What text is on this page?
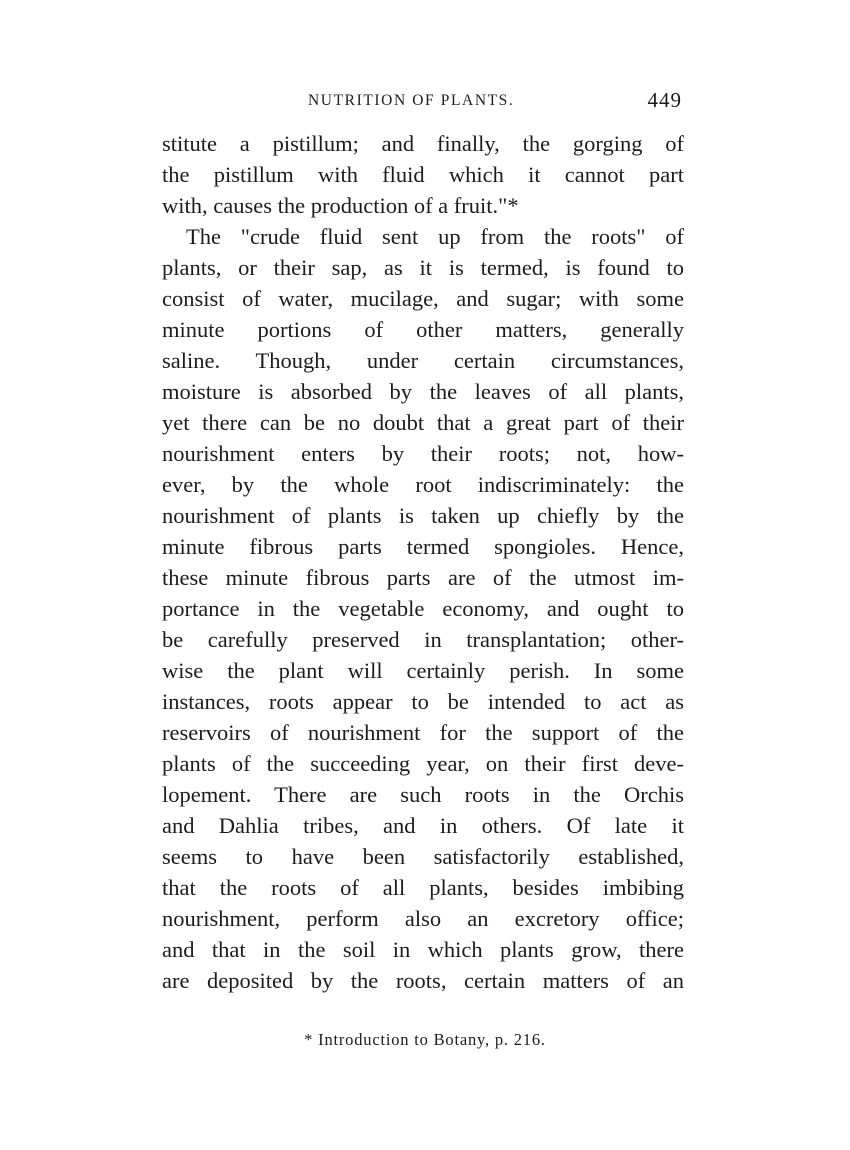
NUTRITION OF PLANTS.	449
stitute a pistillum; and finally, the gorging of
the pistillum with fluid which it cannot part
with, causes the production of a fruit."*
The "crude fluid sent up from the roots" of
plants, or their sap, as it is termed, is found to
consist of water, mucilage, and sugar; with some
minute portions of other matters, generally
saline. Though, under certain circumstances,
moisture is absorbed by the leaves of all plants,
yet there can be no doubt that a great part of their
nourishment enters by their roots; not, how-
ever, by the whole root indiscriminately: the
nourishment of plants is taken up chiefly by the
minute fibrous parts termed spongioles. Hence,
these minute fibrous parts are of the utmost im-
portance in the vegetable economy, and ought to
be carefully preserved in transplantation; other-
wise the plant will certainly perish. In some
instances, roots appear to be intended to act as
reservoirs of nourishment for the support of the
plants of the succeeding year, on their first deve-
lopement. There are such roots in the Orchis
and Dahlia tribes, and in others. Of late it
seems to have been satisfactorily established,
that the roots of all plants, besides imbibing
nourishment, perform also an excretory office;
and that in the soil in which plants grow, there
are deposited by the roots, certain matters of an
* Introduction to Botany, p. 216.
